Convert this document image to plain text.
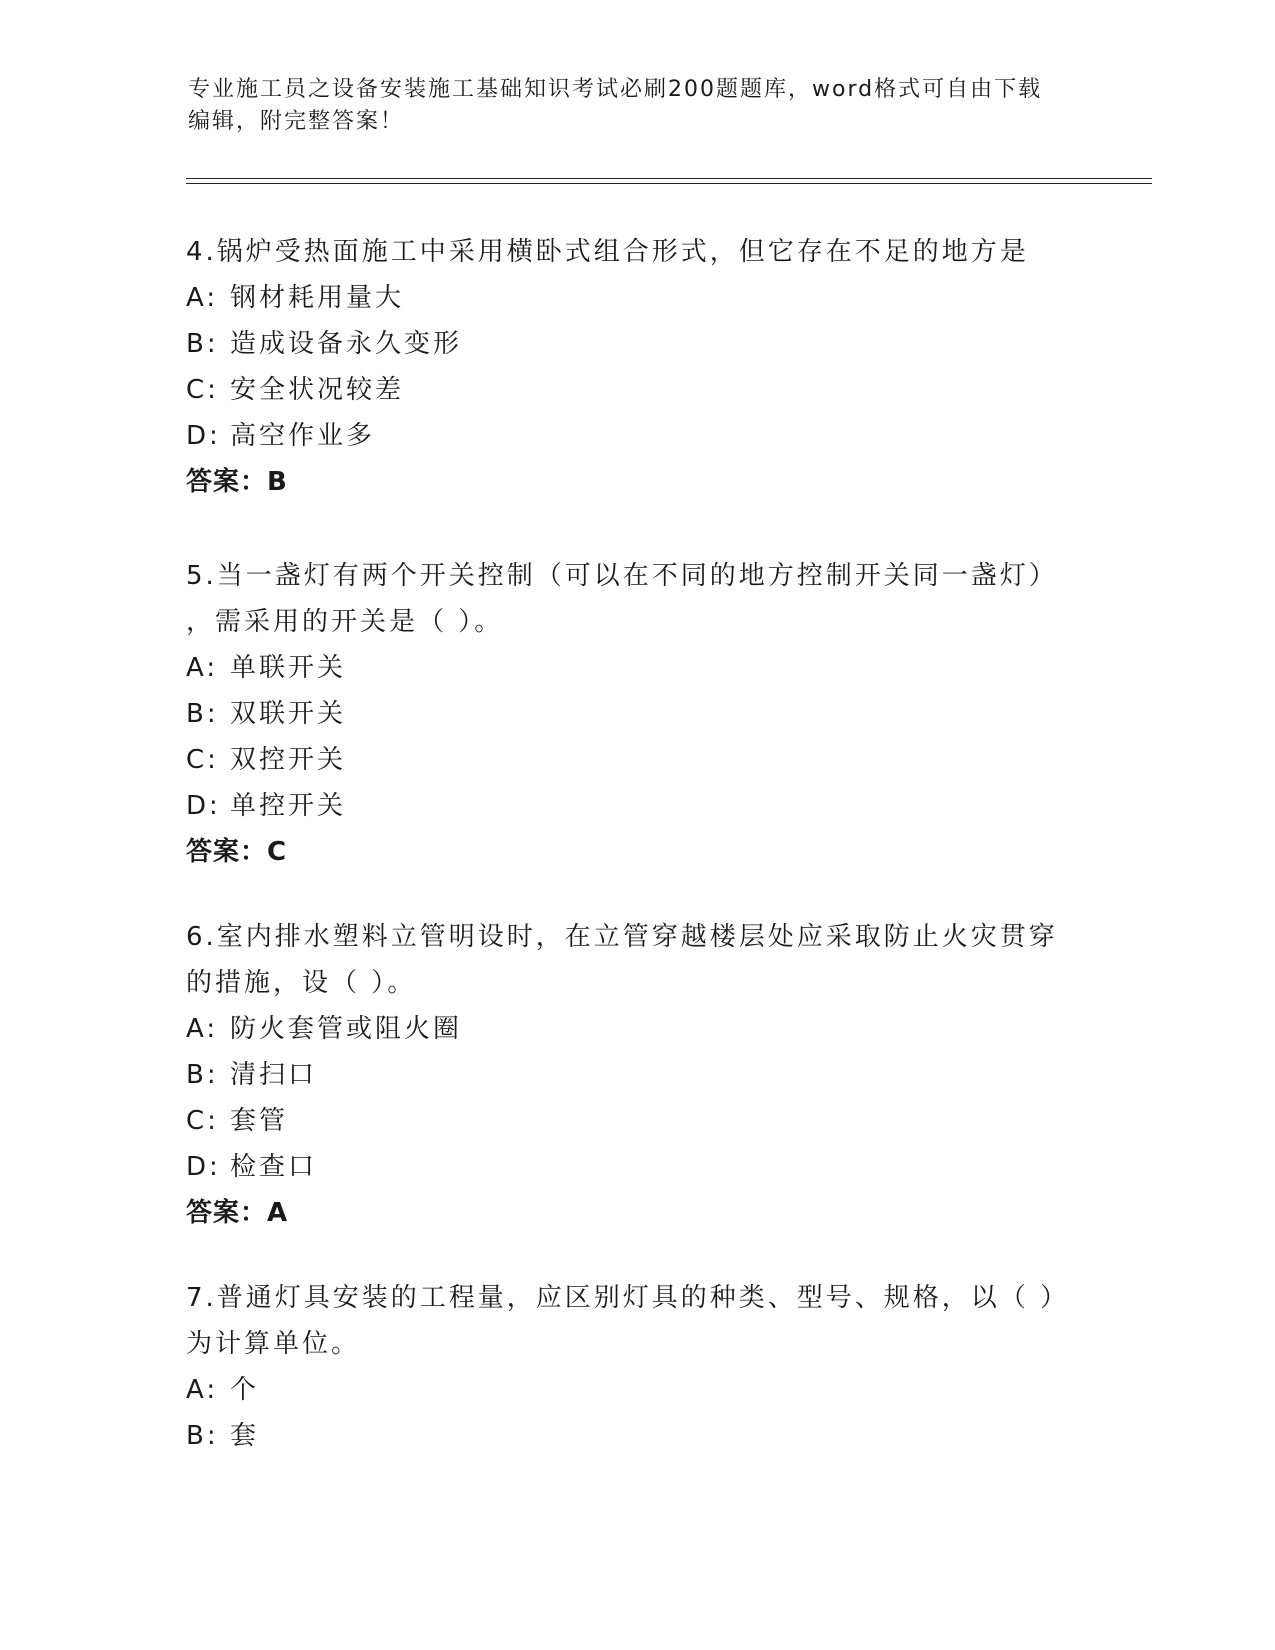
专业施工员之设备安装施工基础知识考试必刷200题题库，word格式可自由下载
编辑，附完整答案！

4.锅炉受热面施工中采用横卧式组合形式，但它存在不足的地方是

A: 钢材耗用量大

B: 造成设备永久变形

C: 安全状况较差

D: 高空作业多

答案：B

5.当一盏灯有两个开关控制（可以在不同的地方控制开关同一盏灯）

，需采用的开关是（ ）。

A: 单联开关

B: 双联开关

C: 双控开关

D: 单控开关

答案：C

6.室内排水塑料立管明设时，在立管穿越楼层处应采取防止火灾贯穿

的措施，设（ ）。

A: 防火套管或阻火圈

B: 清扫口

C: 套管

D: 检查口

答案：A

7.普通灯具安装的工程量，应区别灯具的种类、型号、规格，以（ ）

为计算单位。

A: 个

B: 套
